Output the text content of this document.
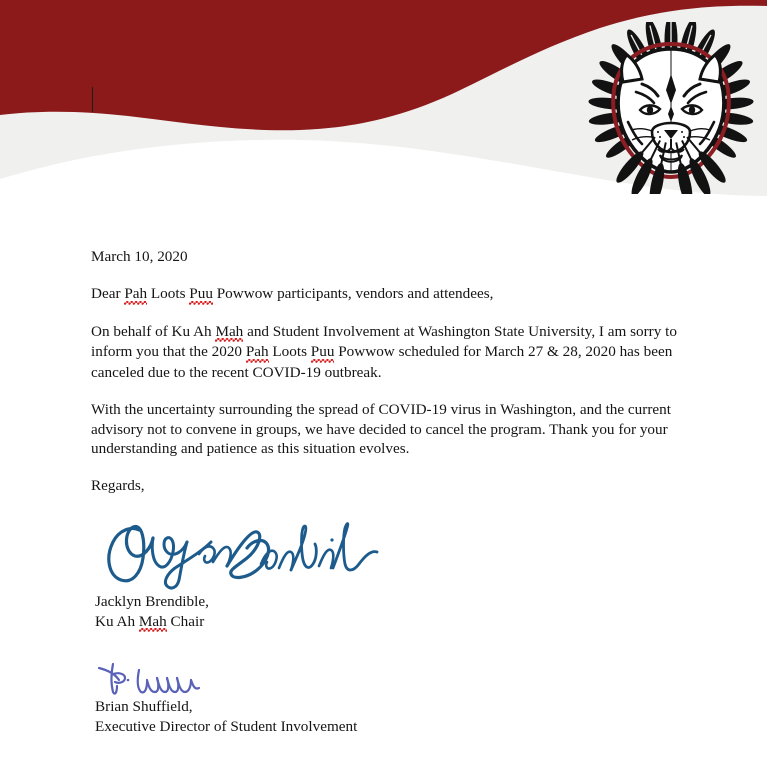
March 10, 2020

Dear Pah Loots Puu Powwow participants, vendors and attendees,

On behalf of Ku Ah Mah and Student Involvement at Washington State University, I am sorry to inform you that the 2020 Pah Loots Puu Powwow scheduled for March 27 & 28, 2020 has been canceled due to the recent COVID-19 outbreak.

With the uncertainty surrounding the spread of COVID-19 virus in Washington, and the current advisory not to convene in groups, we have decided to cancel the program. Thank you for your understanding and patience as this situation evolves.

Regards,

Jacklyn Brendible,

Ku Ah Mah Chair

Brian Shuffield,

Executive Director of Student Involvement
